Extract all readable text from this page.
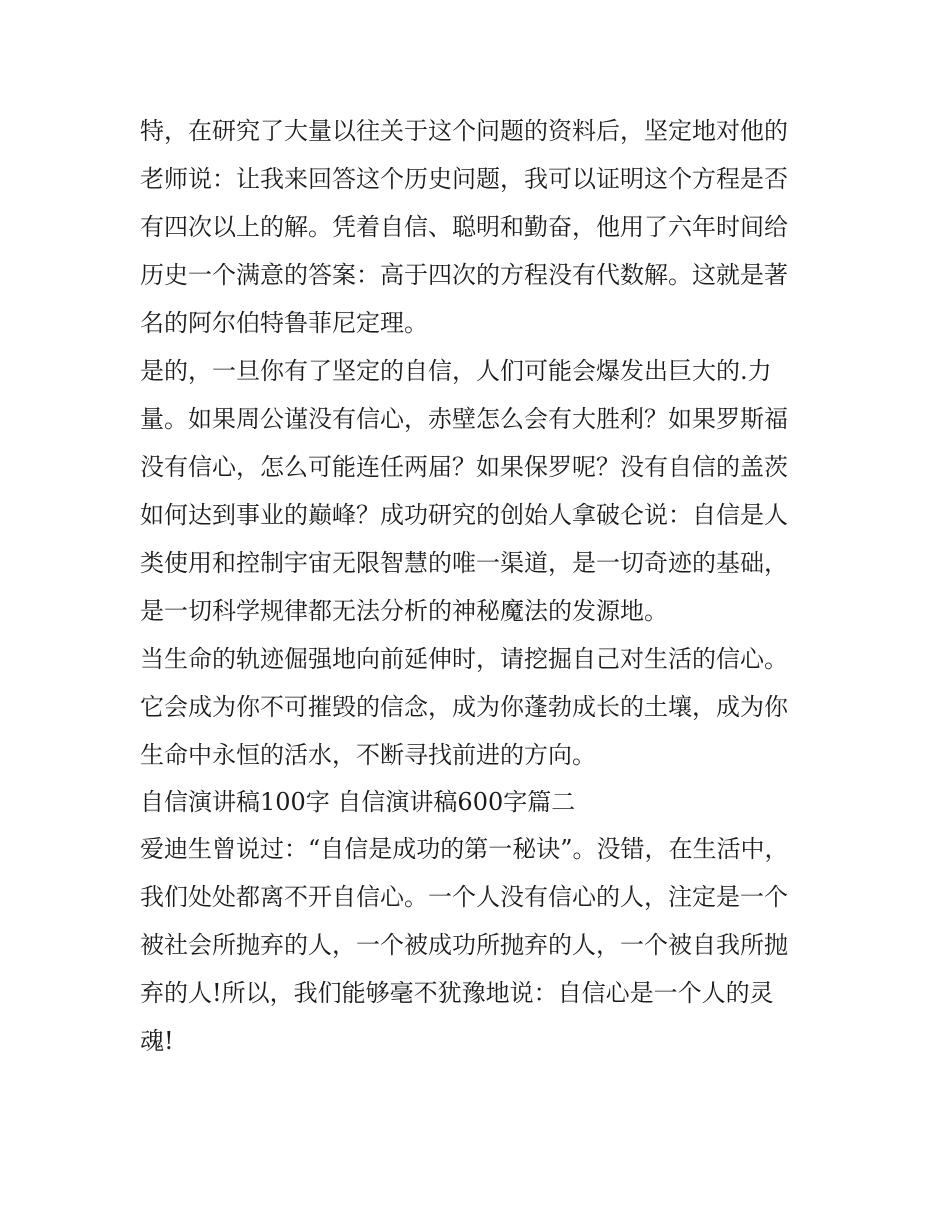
特，在研究了大量以往关于这个问题的资料后，坚定地对他的
老师说：让我来回答这个历史问题，我可以证明这个方程是否
有四次以上的解。凭着自信、聪明和勤奋，他用了六年时间给
历史一个满意的答案：高于四次的方程没有代数解。这就是著
名的阿尔伯特鲁菲尼定理。
是的，一旦你有了坚定的自信，人们可能会爆发出巨大的.力
量。如果周公谨没有信心，赤壁怎么会有大胜利？如果罗斯福
没有信心，怎么可能连任两届？如果保罗呢？没有自信的盖茨
如何达到事业的巅峰？成功研究的创始人拿破仑说：自信是人
类使用和控制宇宙无限智慧的唯一渠道，是一切奇迹的基础，
是一切科学规律都无法分析的神秘魔法的发源地。
当生命的轨迹倔强地向前延伸时，请挖掘自己对生活的信心。
它会成为你不可摧毁的信念，成为你蓬勃成长的土壤，成为你
生命中永恒的活水，不断寻找前进的方向。
自信演讲稿100字 自信演讲稿600字篇二
爱迪生曾说过：“自信是成功的第一秘诀”。没错，在生活中，
我们处处都离不开自信心。一个人没有信心的人，注定是一个
被社会所抛弃的人，一个被成功所抛弃的人，一个被自我所抛
弃的人!所以，我们能够毫不犹豫地说：自信心是一个人的灵
魂!
